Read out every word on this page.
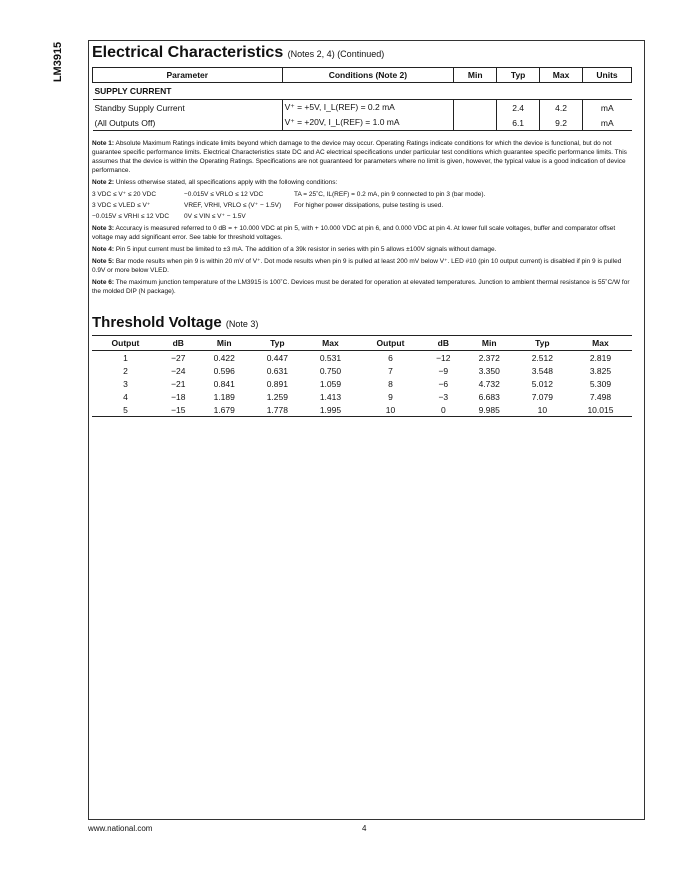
LM3915 Electrical Characteristics (Notes 2, 4) (Continued)
Parameter	Conditions (Note 2)	Min	Typ	Max	Units
SUPPLY CURRENT					
Standby Supply Current	V⁺ = +5V, I_L(REF) = 0.2 mA		2.4	4.2	mA
(All Outputs Off)	V⁺ = +20V, I_L(REF) = 1.0 mA		6.1	9.2	mA

Note 1: Absolute Maximum Ratings indicate limits beyond which damage to the device may occur. Operating Ratings indicate conditions for which the device is functional, but do not guarantee specific performance limits. Electrical Characteristics state DC and AC electrical specifications under particular test conditions which guarantee specific performance limits. This assumes that the device is within the Operating Ratings. Specifications are not guaranteed for parameters where no limit is given, however, the typical value is a good indication of device performance.

Note 2: Unless otherwise stated, all specifications apply with the following conditions:

3 VDC ≤ V⁺ ≤ 20 VDC	−0.015V ≤ VRLO ≤ 12 VDC	TA = 25˚C, IL(REF) = 0.2 mA, pin 9 connected to pin 3 (bar mode).
3 VDC ≤ VLED ≤ V⁺	VREF, VRHI, VRLO ≤ (V⁺ − 1.5V)	For higher power dissipations, pulse testing is used.
−0.015V ≤ VRHI ≤ 12 VDC	0V ≤ VIN ≤ V⁺ − 1.5V

Note 3: Accuracy is measured referred to 0 dB = + 10.000 VDC at pin 5, with + 10.000 VDC at pin 6, and 0.000 VDC at pin 4. At lower full scale voltages, buffer and comparator offset voltage may add significant error. See table for threshold voltages.

Note 4: Pin 5 input current must be limited to ±3 mA. The addition of a 39k resistor in series with pin 5 allows ±100V signals without damage.

Note 5: Bar mode results when pin 9 is within 20 mV of V⁺. Dot mode results when pin 9 is pulled at least 200 mV below V⁺. LED #10 (pin 10 output current) is disabled if pin 9 is pulled 0.9V or more below VLED.

Note 6: The maximum junction temperature of the LM3915 is 100˚C. Devices must be derated for operation at elevated temperatures. Junction to ambient thermal resistance is 55˚C/W for the molded DIP (N package).

Threshold Voltage (Note 3)
Output	dB	Min	Typ	Max	Output	dB	Min	Typ	Max
1	−27	0.422	0.447	0.531	6	−12	2.372	2.512	2.819
2	−24	0.596	0.631	0.750	7	−9	3.350	3.548	3.825
3	−21	0.841	0.891	1.059	8	−6	4.732	5.012	5.309
4	−18	1.189	1.259	1.413	9	−3	6.683	7.079	7.498
5	−15	1.679	1.778	1.995	10	0	9.985	10	10.015
www.national.com	4
